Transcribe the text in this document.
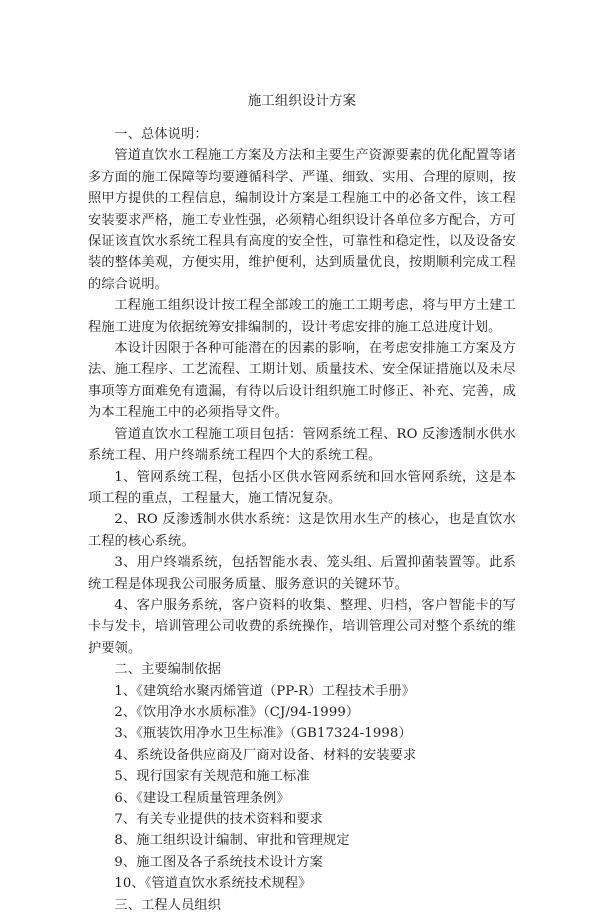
施工组织设计方案

一、总体说明：

管道直饮水工程施工方案及方法和主要生产资源要素的优化配置等诸多方面的施工保障等均要遵循科学、严谨、细致、实用、合理的原则，按照甲方提供的工程信息，编制设计方案是工程施工中的必备文件，该工程安装要求严格，施工专业性强，必须精心组织设计各单位多方配合，方可保证该直饮水系统工程具有高度的安全性，可靠性和稳定性，以及设备安装的整体美观，方便实用，维护便利，达到质量优良，按期顺利完成工程的综合说明。

工程施工组织设计按工程全部竣工的施工工期考虑，将与甲方土建工程施工进度为依据统筹安排编制的，设计考虑安排的施工总进度计划。

本设计因限于各种可能潜在的因素的影响，在考虑安排施工方案及方法、施工程序、工艺流程、工期计划、质量技术、安全保证措施以及未尽事项等方面难免有遗漏，有待以后设计组织施工时修正、补充、完善，成为本工程施工中的必须指导文件。

管道直饮水工程施工项目包括：管网系统工程、RO 反渗透制水供水系统工程、用户终端系统工程四个大的系统工程。

1、管网系统工程，包括小区供水管网系统和回水管网系统，这是本项工程的重点，工程量大，施工情况复杂。

2、RO 反渗透制水供水系统：这是饮用水生产的核心，也是直饮水工程的核心系统。

3、用户终端系统，包括智能水表、笼头组、后置抑菌装置等。此系统工程是体现我公司服务质量、服务意识的关键环节。

4、客户服务系统，客户资料的收集、整理、归档，客户智能卡的写卡与发卡，培训管理公司收费的系统操作，培训管理公司对整个系统的维护要领。

二、主要编制依据

1、《建筑给水聚丙烯管道（PP-R）工程技术手册》

2、《饮用净水水质标准》（CJ/94-1999）

3、《瓶装饮用净水卫生标准》（GB17324-1998）

4、系统设备供应商及厂商对设备、材料的安装要求

5、现行国家有关规范和施工标准

6、《建设工程质量管理条例》

7、有关专业提供的技术资料和要求

8、施工组织设计编制、审批和管理规定

9、施工图及各子系统技术设计方案

10、《管道直饮水系统技术规程》

三、工程人员组织
